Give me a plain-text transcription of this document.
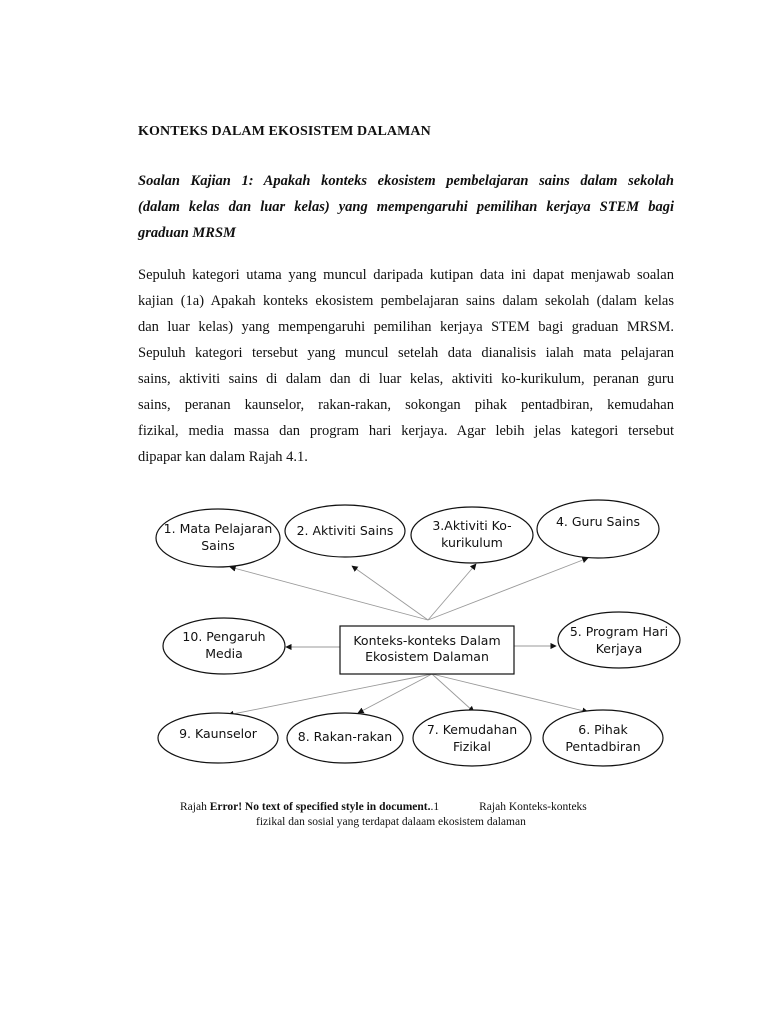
KONTEKS DALAM EKOSISTEM DALAMAN

Soalan Kajian 1: Apakah konteks ekosistem pembelajaran sains dalam sekolah
(dalam kelas dan luar kelas) yang mempengaruhi pemilihan kerjaya STEM bagi
graduan MRSM

Sepuluh kategori utama yang muncul daripada kutipan data ini dapat menjawab soalan
kajian (1a) Apakah konteks ekosistem pembelajaran sains dalam sekolah (dalam kelas
dan luar kelas) yang mempengaruhi pemilihan kerjaya STEM bagi graduan MRSM.
Sepuluh kategori tersebut yang muncul setelah data dianalisis ialah mata pelajaran
sains, aktiviti sains di dalam dan di luar kelas, aktiviti ko-kurikulum, peranan guru
sains, peranan kaunselor, rakan-rakan, sokongan pihak pentadbiran, kemudahan
fizikal, media massa dan program hari kerjaya. Agar lebih jelas kategori tersebut
dipapar kan dalam Rajah 4.1.

Konteks-konteks Dalam
Ekosistem Dalaman
1. Mata Pelajaran
Sains
2. Aktiviti Sains	3.Aktiviti Ko-
kurikulum
4. Guru Sains
5. Program Hari
Kerjaya
6. Pihak
Pentadbiran
7. Kemudahan
Fizikal
8. Rakan-rakan
9. Kaunselor
10. Pengaruh
Media
Rajah Error! No text of specified style in document..1	Rajah Konteks-konteks
fizikal dan sosial yang terdapat dalaam ekosistem dalaman
